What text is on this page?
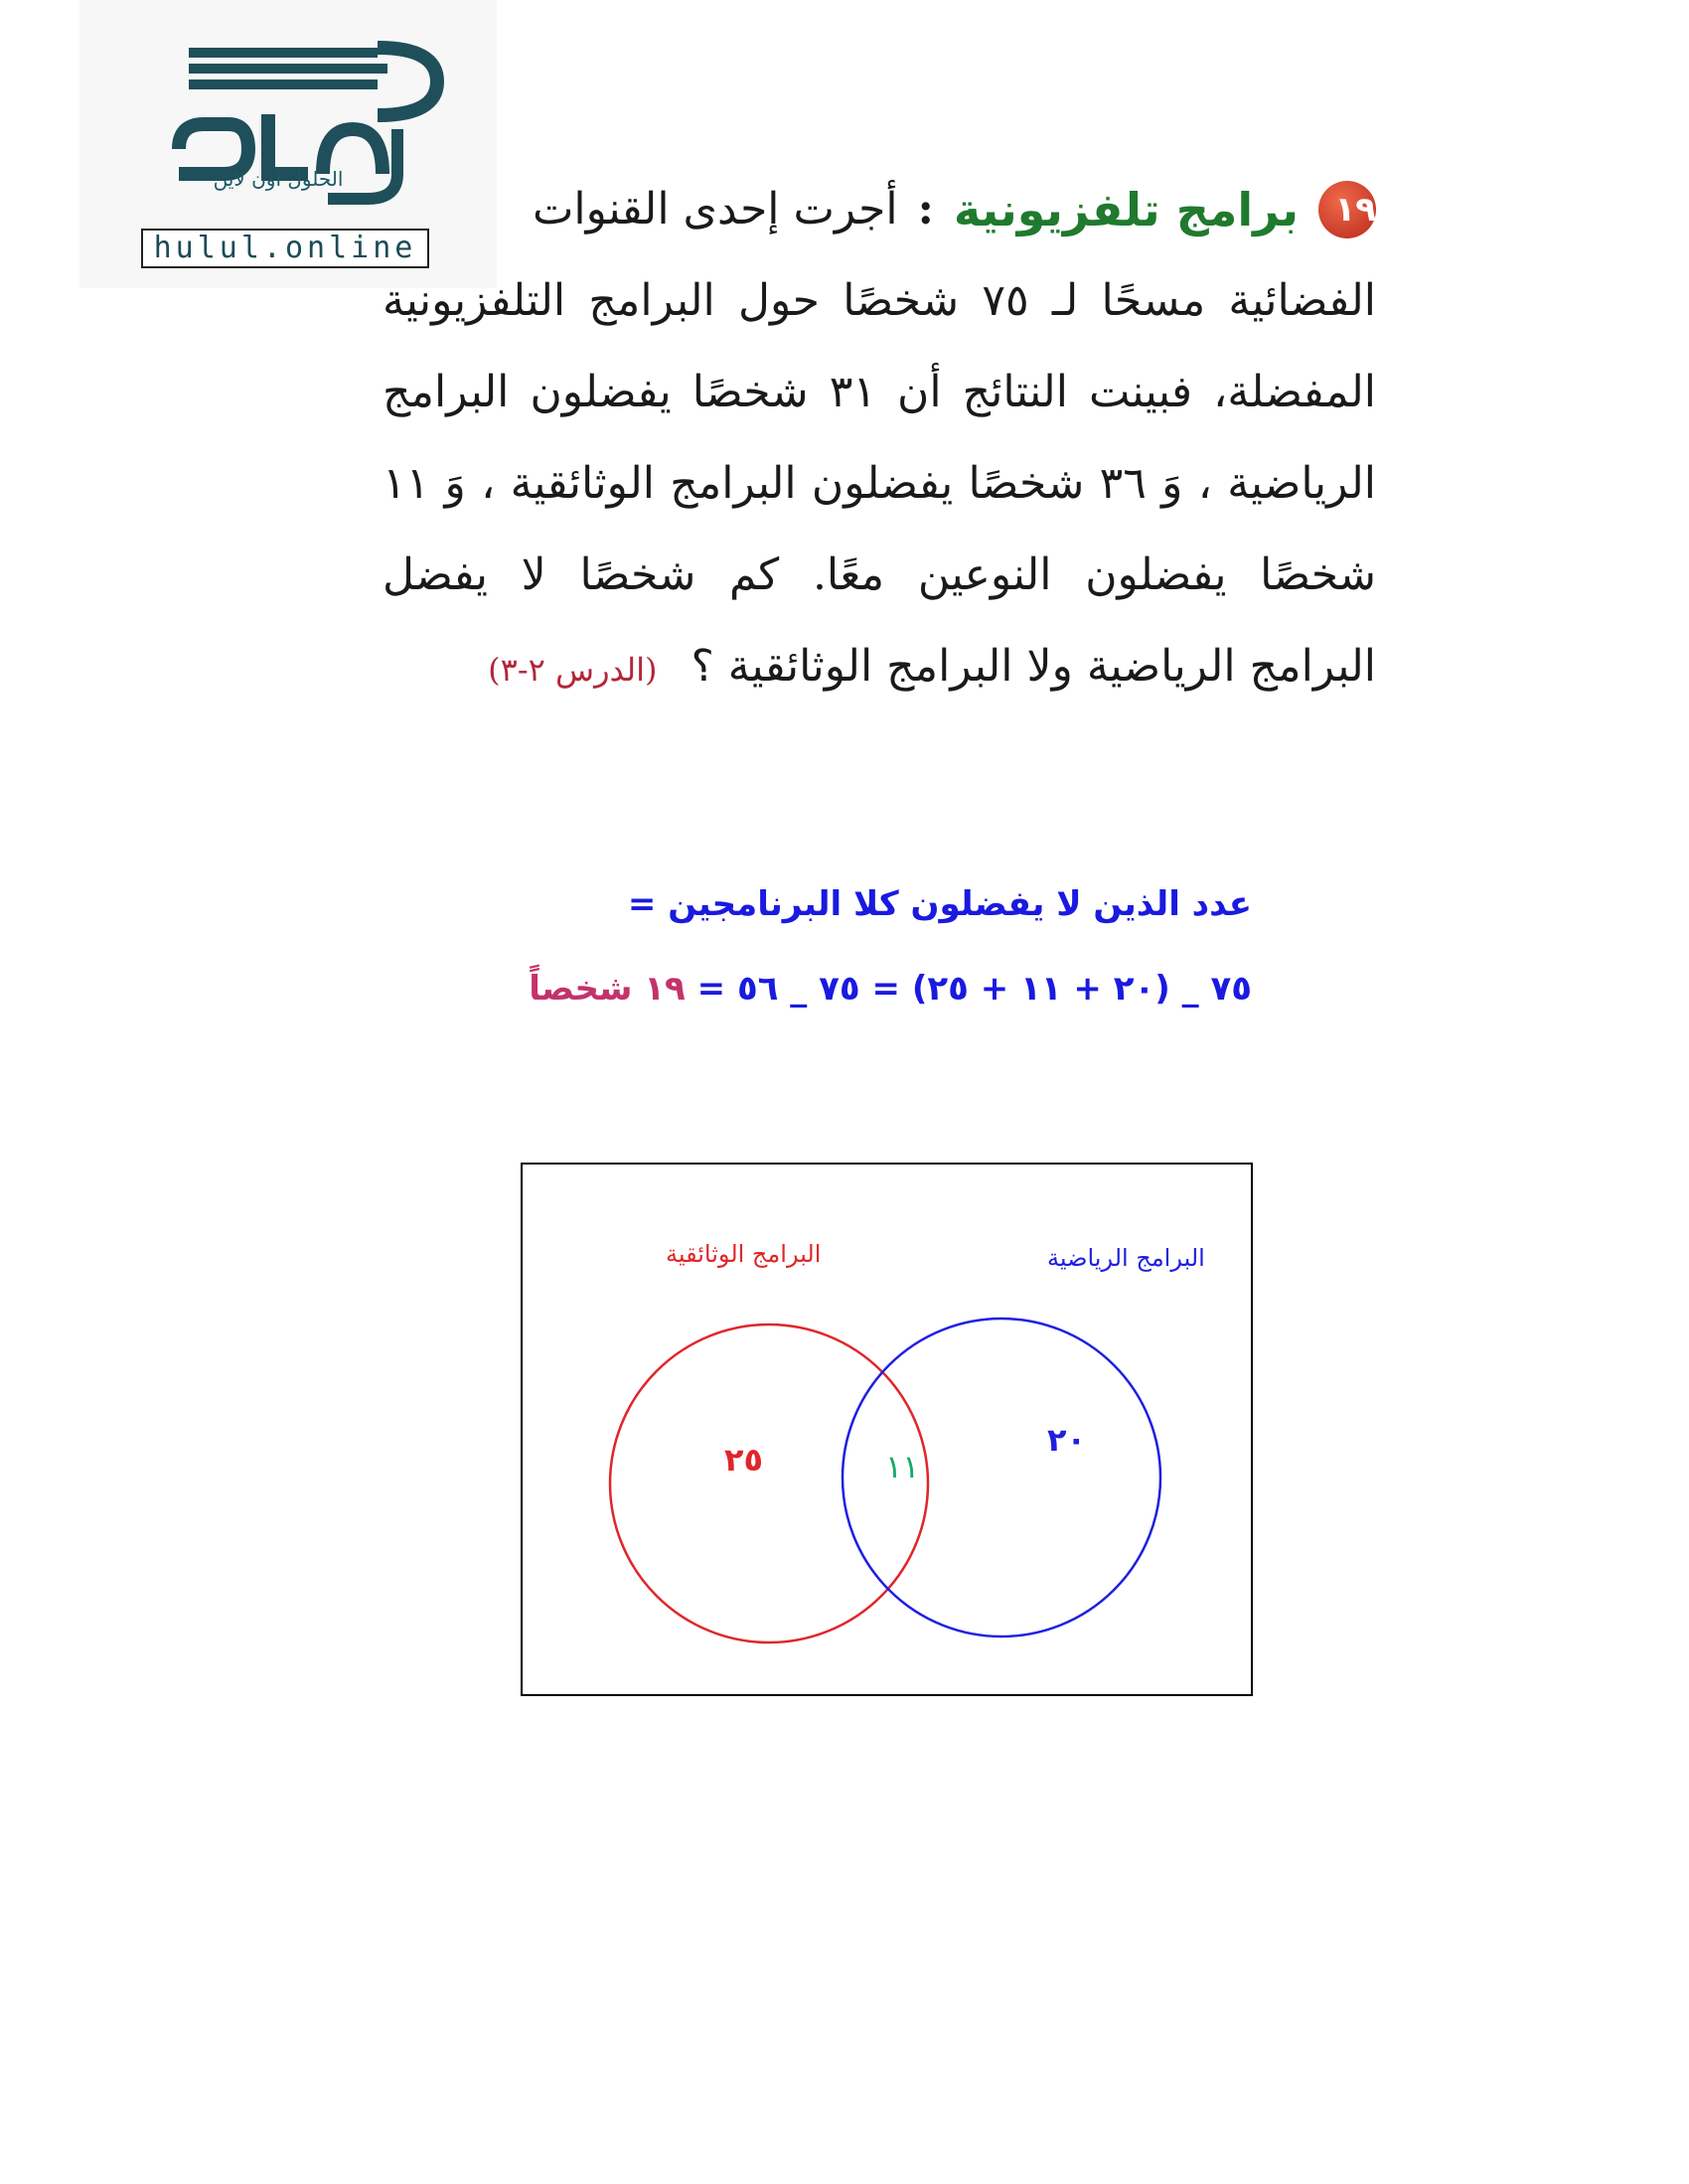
الحلول اون لاين
hulul.online
١٩
برامج تلفزيونية
:
أجرت إحدى القنوات
الفضائية مسحًا لـ ٧٥ شخصًا حول البرامج التلفزيونية المفضلة، فبينت النتائج أن ٣١ شخصًا يفضلون البرامج الرياضية ، وَ ٣٦ شخصًا يفضلون البرامج الوثائقية ، وَ ١١ شخصًا يفضلون النوعين معًا. كم شخصًا لا يفضل البرامج الرياضية ولا البرامج الوثائقية ؟ (الدرس ٢-٣)
عدد الذين لا يفضلون كلا البرنامجين =
٧٥ _ (٢٠ + ١١ + ٢٥) = ٧٥ _ ٥٦ = ١٩ شخصاً
البرامج الوثائقية	البرامج الرياضية
٢٥	١١
٢٠
